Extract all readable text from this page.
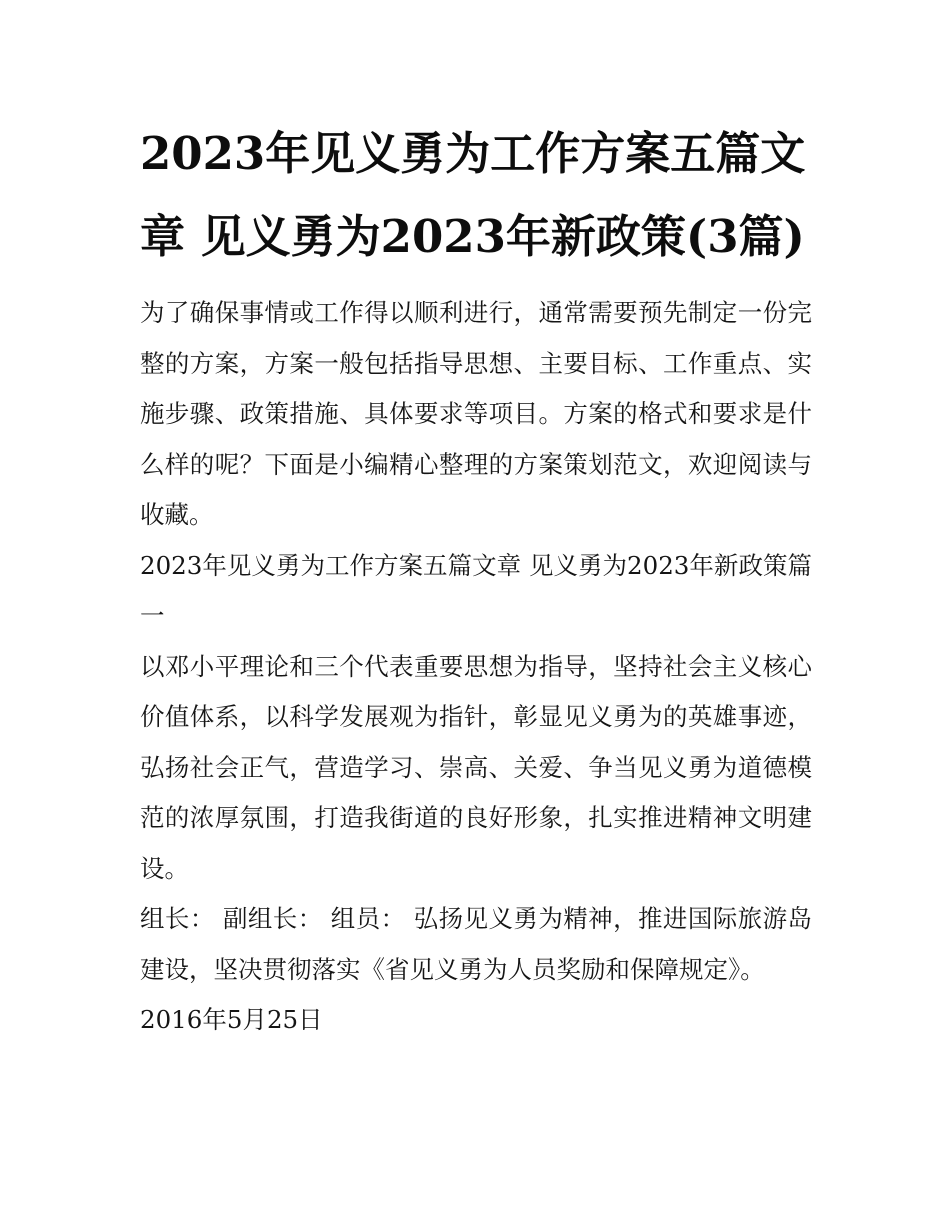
2023年见义勇为工作方案五篇文章 见义勇为2023年新政策(3篇)

为了确保事情或工作得以顺利进行，通常需要预先制定一份完整的方案，方案一般包括指导思想、主要目标、工作重点、实施步骤、政策措施、具体要求等项目。方案的格式和要求是什么样的呢？下面是小编精心整理的方案策划范文，欢迎阅读与收藏。

2023年见义勇为工作方案五篇文章 见义勇为2023年新政策篇一

以邓小平理论和三个代表重要思想为指导，坚持社会主义核心价值体系，以科学发展观为指针，彰显见义勇为的英雄事迹，弘扬社会正气，营造学习、崇高、关爱、争当见义勇为道德模范的浓厚氛围，打造我街道的良好形象，扎实推进精神文明建设。

组长： 副组长： 组员： 弘扬见义勇为精神，推进国际旅游岛建设，坚决贯彻落实《省见义勇为人员奖励和保障规定》。

2016年5月25日
